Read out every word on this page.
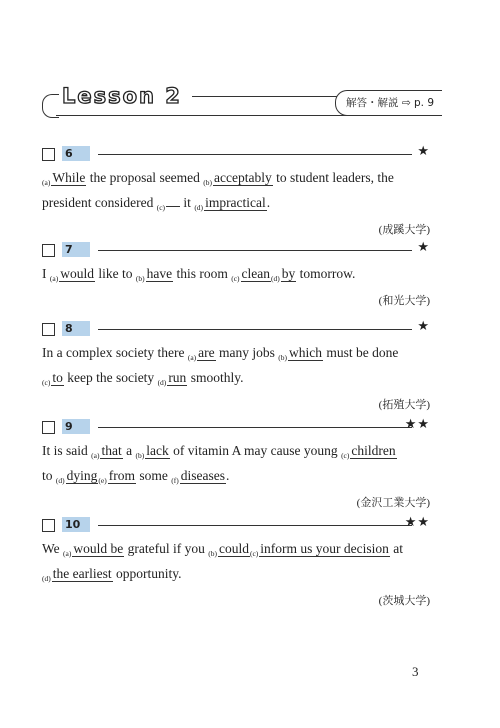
Lesson 2	解答・解説 ⇨ p. 9
6	★
$_{(a)}$ While the proposal seemed $_{(b)}$ acceptably to student leaders, the
president considered $_{(c)}$ it $_{(d)}$ impractical.
(成蹊大学)
7	★
I $_{(a)}$ would like to $_{(b)}$ have this room $_{(c)}$ clean$_{(d)}$ by tomorrow.
(和光大学)
8	★
In a complex society there $_{(a)}$ are many jobs $_{(b)}$ which must be done
$_{(c)}$ to keep the society $_{(d)}$ run smoothly.
(拓殖大学)
9	★★
It is said $_{(a)}$ that a $_{(b)}$ lack of vitamin A may cause young $_{(c)}$ children
to $_{(d)}$ dying$_{(e)}$ from some $_{(f)}$ diseases.
(金沢工業大学)
10	★★
We $_{(a)}$ would be grateful if you $_{(b)}$ could$_{(c)}$ inform us your decision at
$_{(d)}$ the earliest opportunity.
(茨城大学)
3
